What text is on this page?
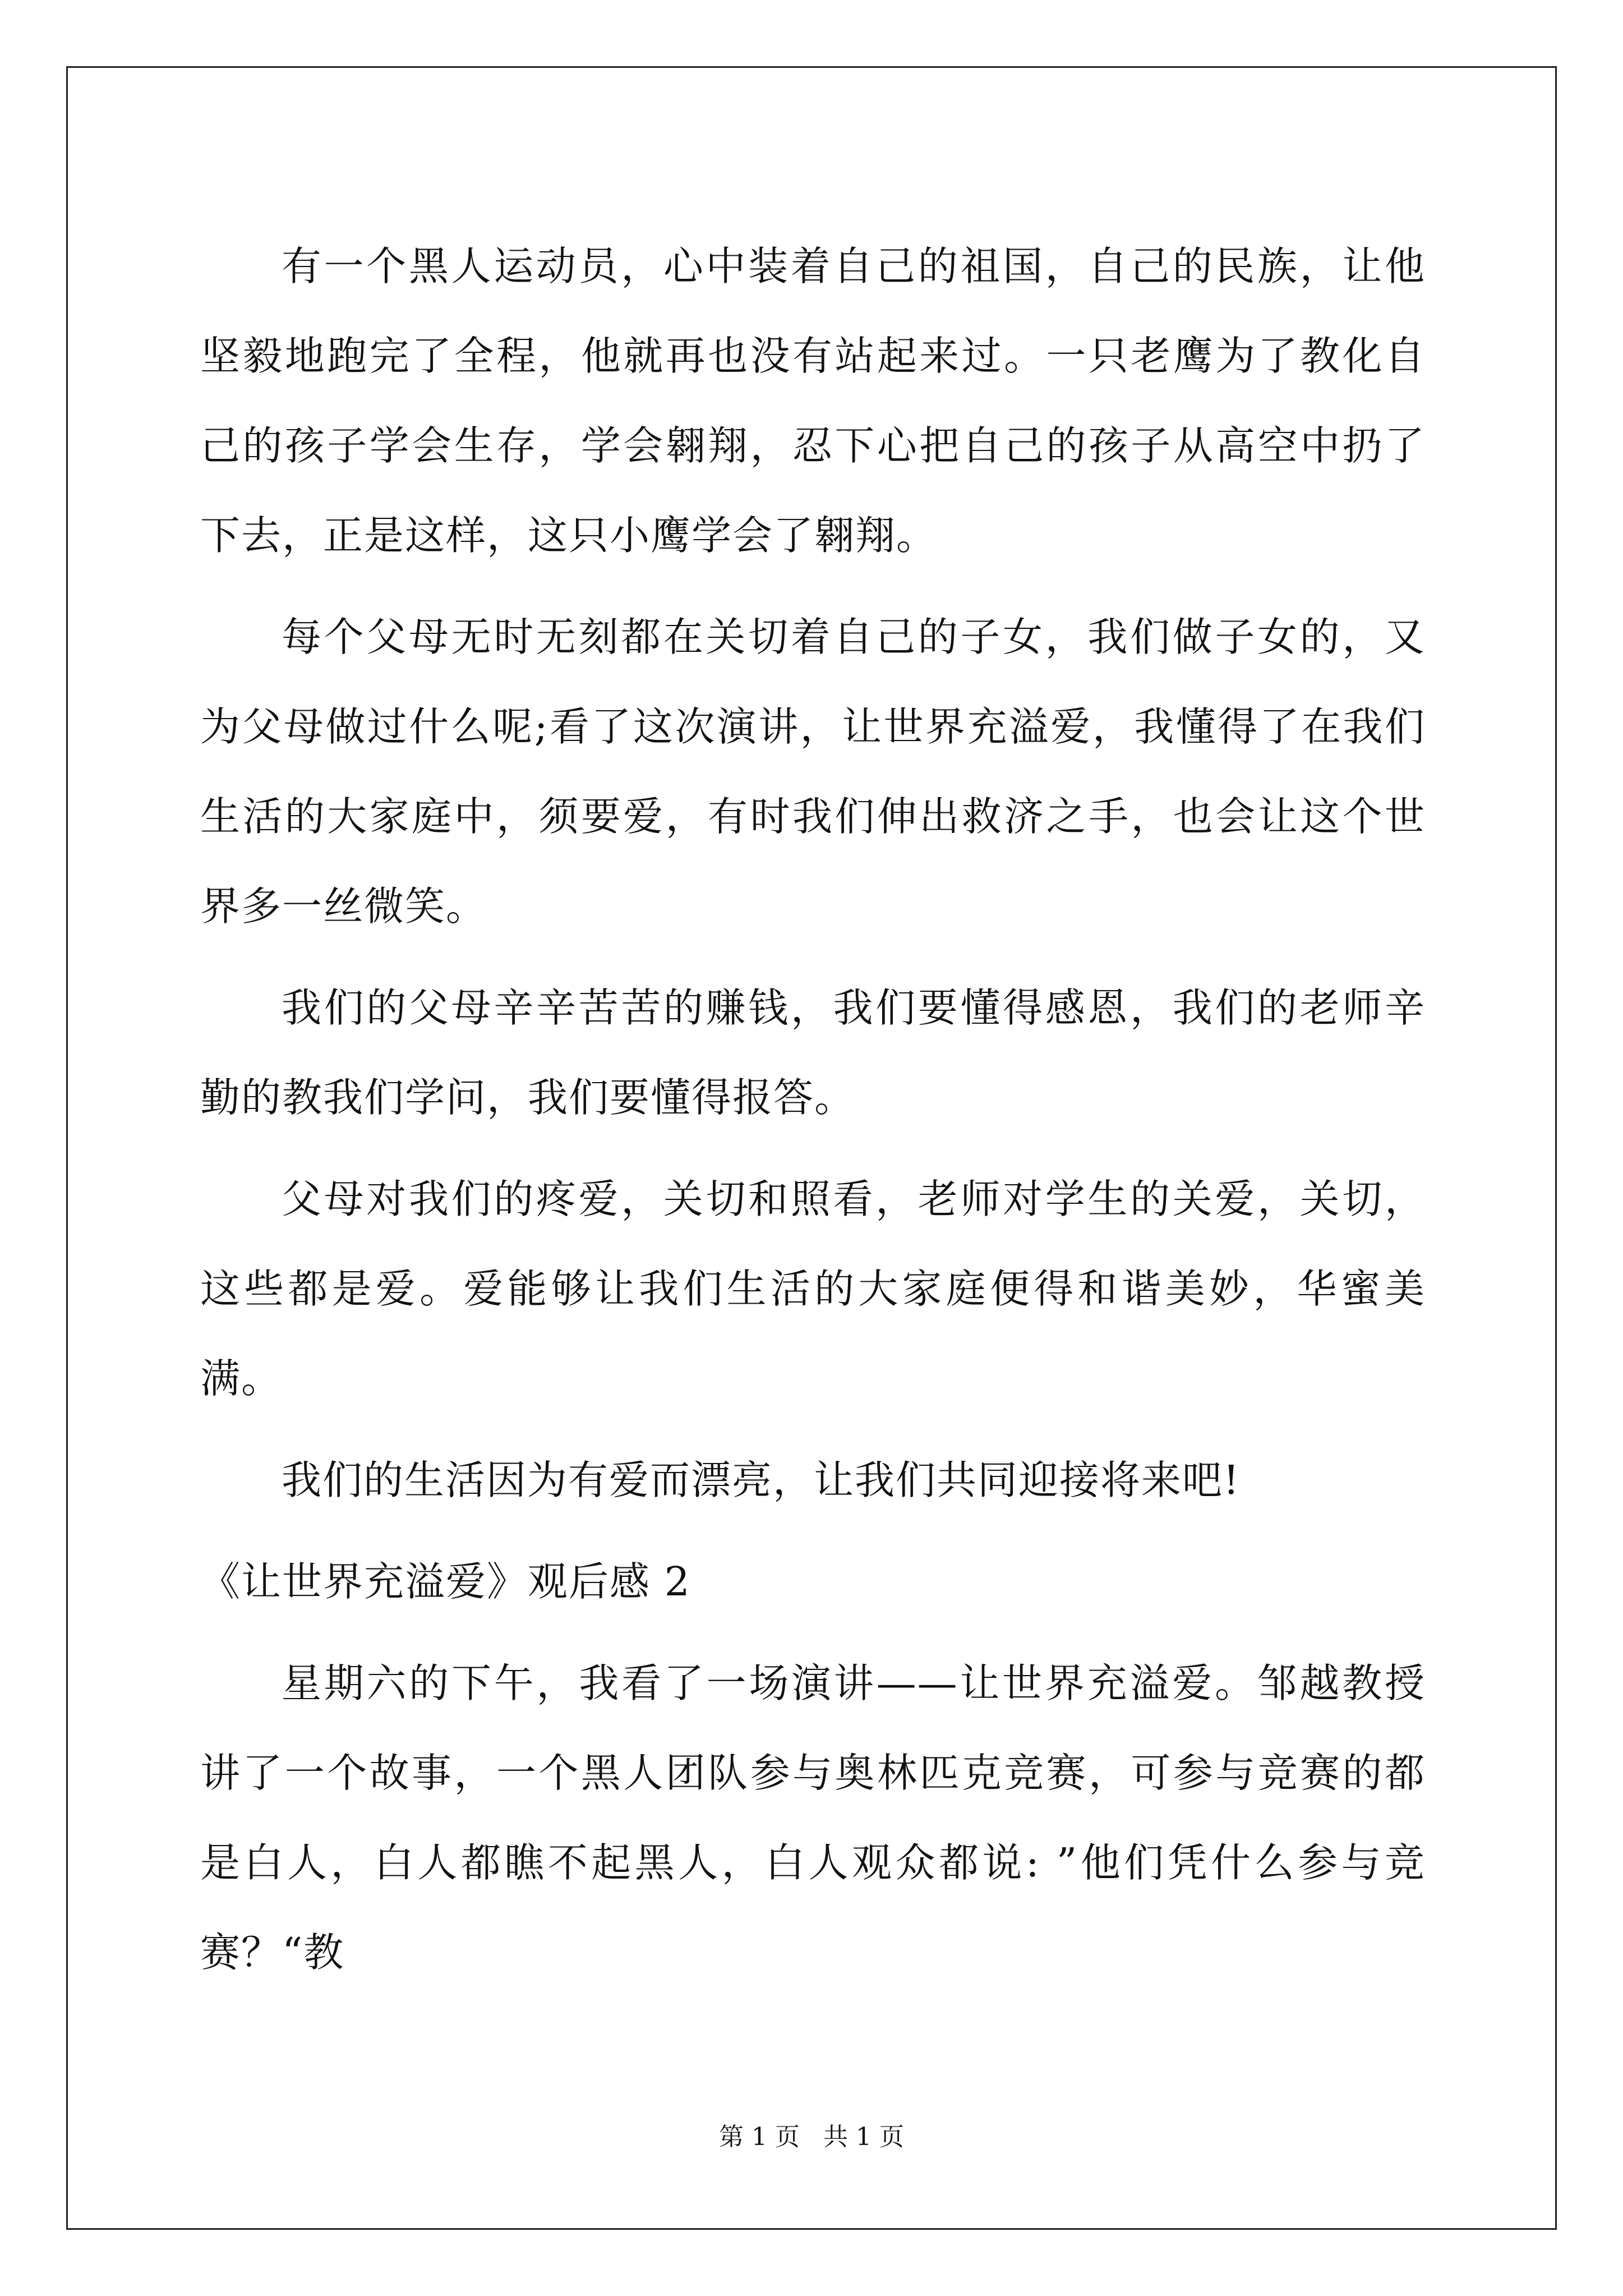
有一个黑人运动员，心中装着自己的祖国，自己的民族，让他坚毅地跑完了全程，他就再也没有站起来过。一只老鹰为了教化自己的孩子学会生存，学会翱翔，忍下心把自己的孩子从高空中扔了下去，正是这样，这只小鹰学会了翱翔。

每个父母无时无刻都在关切着自己的子女，我们做子女的，又为父母做过什么呢;看了这次演讲，让世界充溢爱，我懂得了在我们生活的大家庭中，须要爱，有时我们伸出救济之手，也会让这个世界多一丝微笑。

我们的父母辛辛苦苦的赚钱，我们要懂得感恩，我们的老师辛勤的教我们学问，我们要懂得报答。

父母对我们的疼爱，关切和照看，老师对学生的关爱，关切，这些都是爱。爱能够让我们生活的大家庭便得和谐美妙，华蜜美满。

我们的生活因为有爱而漂亮，让我们共同迎接将来吧!

《让世界充溢爱》观后感 2

星期六的下午，我看了一场演讲——让世界充溢爱。邹越教授讲了一个故事，一个黑人团队参与奥林匹克竞赛，可参与竞赛的都是白人，白人都瞧不起黑人，白人观众都说: ”他们凭什么参与竞赛？“教

第 1 页 共 1 页
